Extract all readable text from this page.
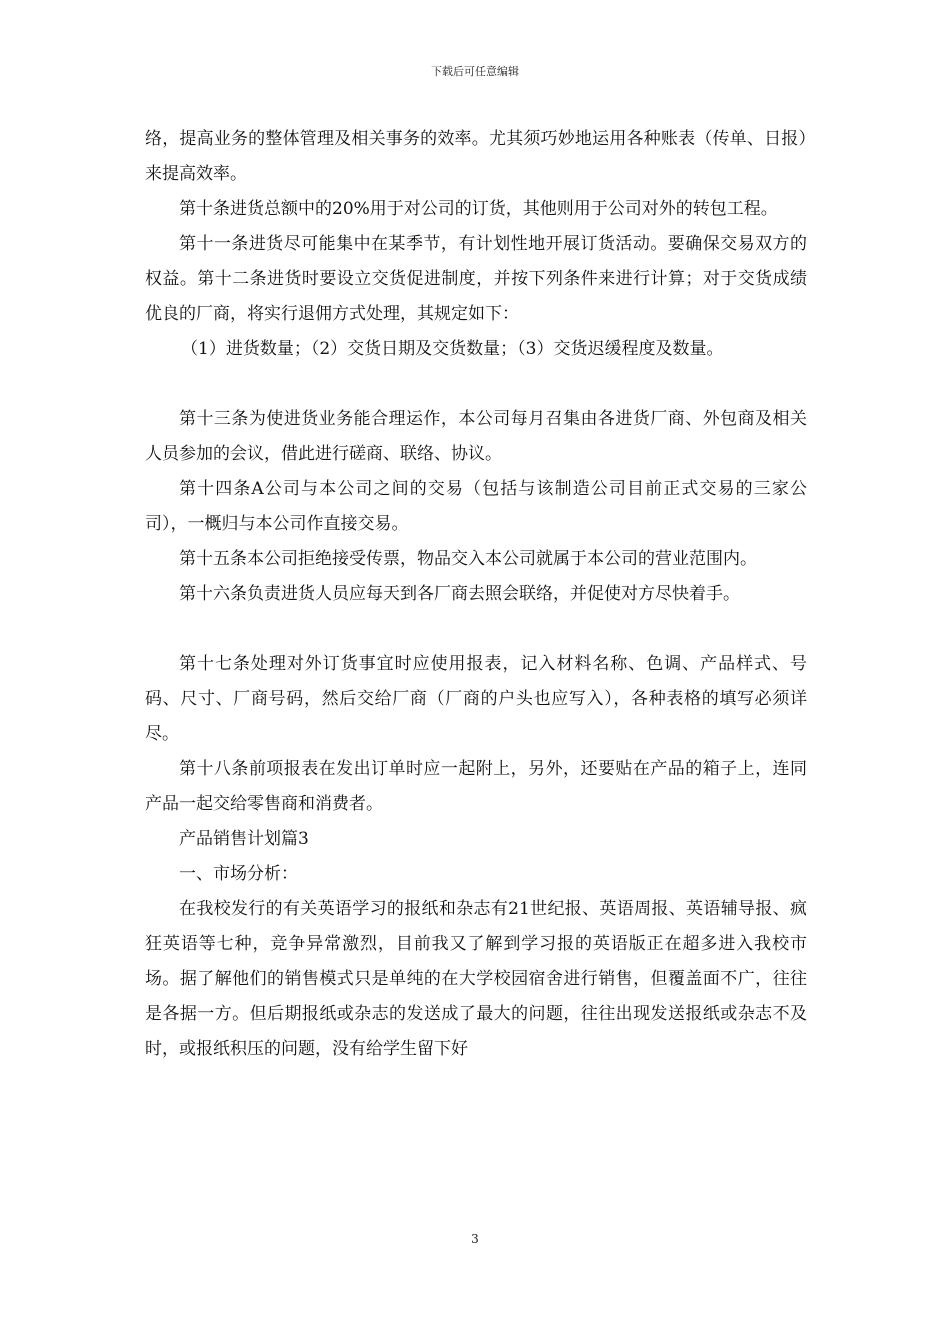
下载后可任意编辑

络，提高业务的整体管理及相关事务的效率。尤其须巧妙地运用各种账表（传单、日报）来提高效率。

第十条进货总额中的20%用于对公司的订货，其他则用于公司对外的转包工程。

第十一条进货尽可能集中在某季节，有计划性地开展订货活动。要确保交易双方的权益。第十二条进货时要设立交货促进制度，并按下列条件来进行计算；对于交货成绩优良的厂商，将实行退佣方式处理，其规定如下：

（1）进货数量；（2）交货日期及交货数量；（3）交货迟缓程度及数量。

第十三条为使进货业务能合理运作，本公司每月召集由各进货厂商、外包商及相关人员参加的会议，借此进行磋商、联络、协议。

第十四条A公司与本公司之间的交易（包括与该制造公司目前正式交易的三家公司），一概归与本公司作直接交易。

第十五条本公司拒绝接受传票，物品交入本公司就属于本公司的营业范围内。

第十六条负责进货人员应每天到各厂商去照会联络，并促使对方尽快着手。

第十七条处理对外订货事宜时应使用报表，记入材料名称、色调、产品样式、号码、尺寸、厂商号码，然后交给厂商（厂商的户头也应写入），各种表格的填写必须详尽。

第十八条前项报表在发出订单时应一起附上，另外，还要贴在产品的箱子上，连同产品一起交给零售商和消费者。

产品销售计划篇3

一、市场分析：

在我校发行的有关英语学习的报纸和杂志有21世纪报、英语周报、英语辅导报、疯狂英语等七种，竞争异常激烈，目前我又了解到学习报的英语版正在超多进入我校市场。据了解他们的销售模式只是单纯的在大学校园宿舍进行销售，但覆盖面不广，往往是各据一方。但后期报纸或杂志的发送成了最大的问题，往往出现发送报纸或杂志不及时，或报纸积压的问题，没有给学生留下好

3
